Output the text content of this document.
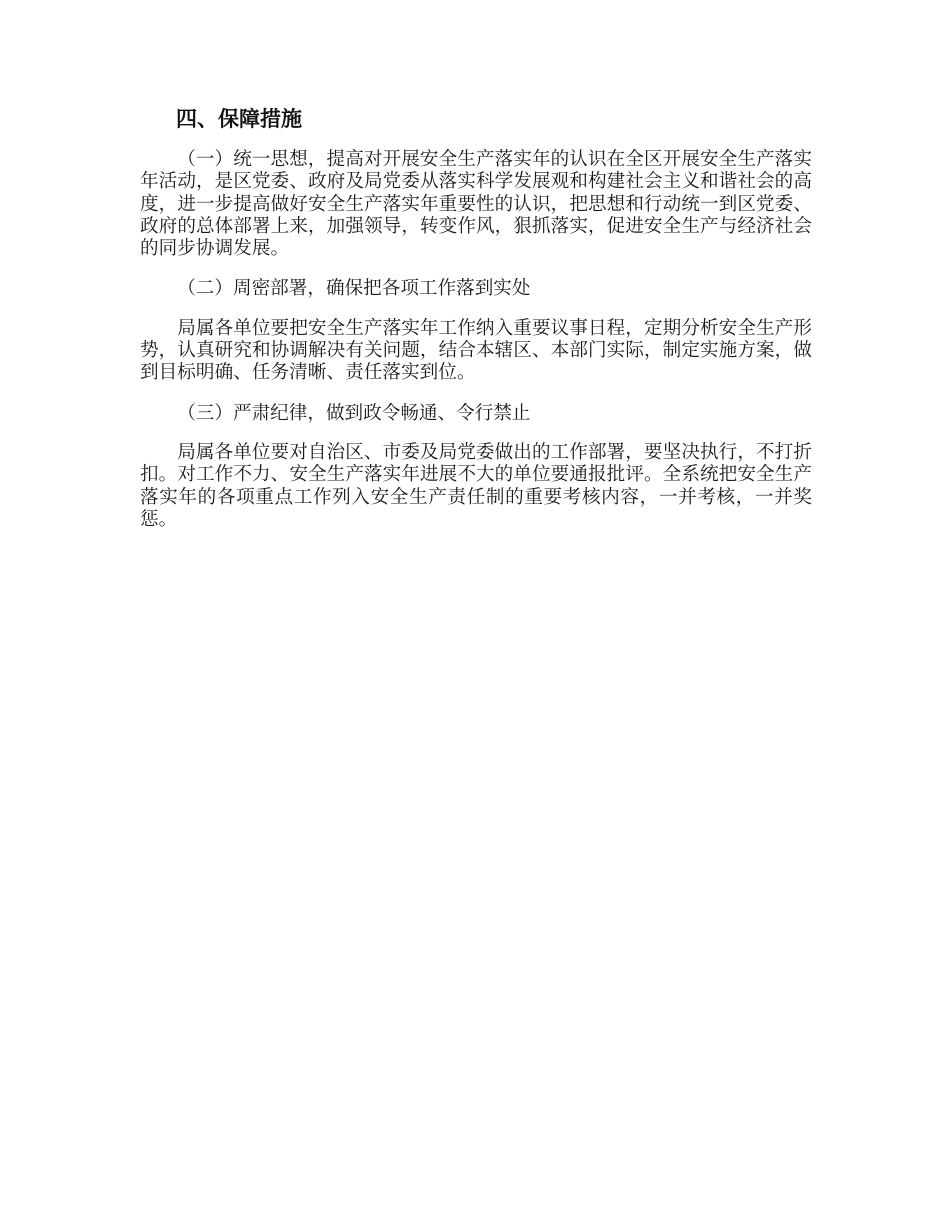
四、保障措施

（一）统一思想，提高对开展安全生产落实年的认识在全区开展安全生产落实年活动，是区党委、政府及局党委从落实科学发展观和构建社会主义和谐社会的高度，进一步提高做好安全生产落实年重要性的认识，把思想和行动统一到区党委、政府的总体部署上来，加强领导，转变作风，狠抓落实，促进安全生产与经济社会的同步协调发展。

（二）周密部署，确保把各项工作落到实处

局属各单位要把安全生产落实年工作纳入重要议事日程，定期分析安全生产形势，认真研究和协调解决有关问题，结合本辖区、本部门实际，制定实施方案，做到目标明确、任务清晰、责任落实到位。

（三）严肃纪律，做到政令畅通、令行禁止

局属各单位要对自治区、市委及局党委做出的工作部署，要坚决执行，不打折扣。对工作不力、安全生产落实年进展不大的单位要通报批评。全系统把安全生产落实年的各项重点工作列入安全生产责任制的重要考核内容，一并考核，一并奖惩。
